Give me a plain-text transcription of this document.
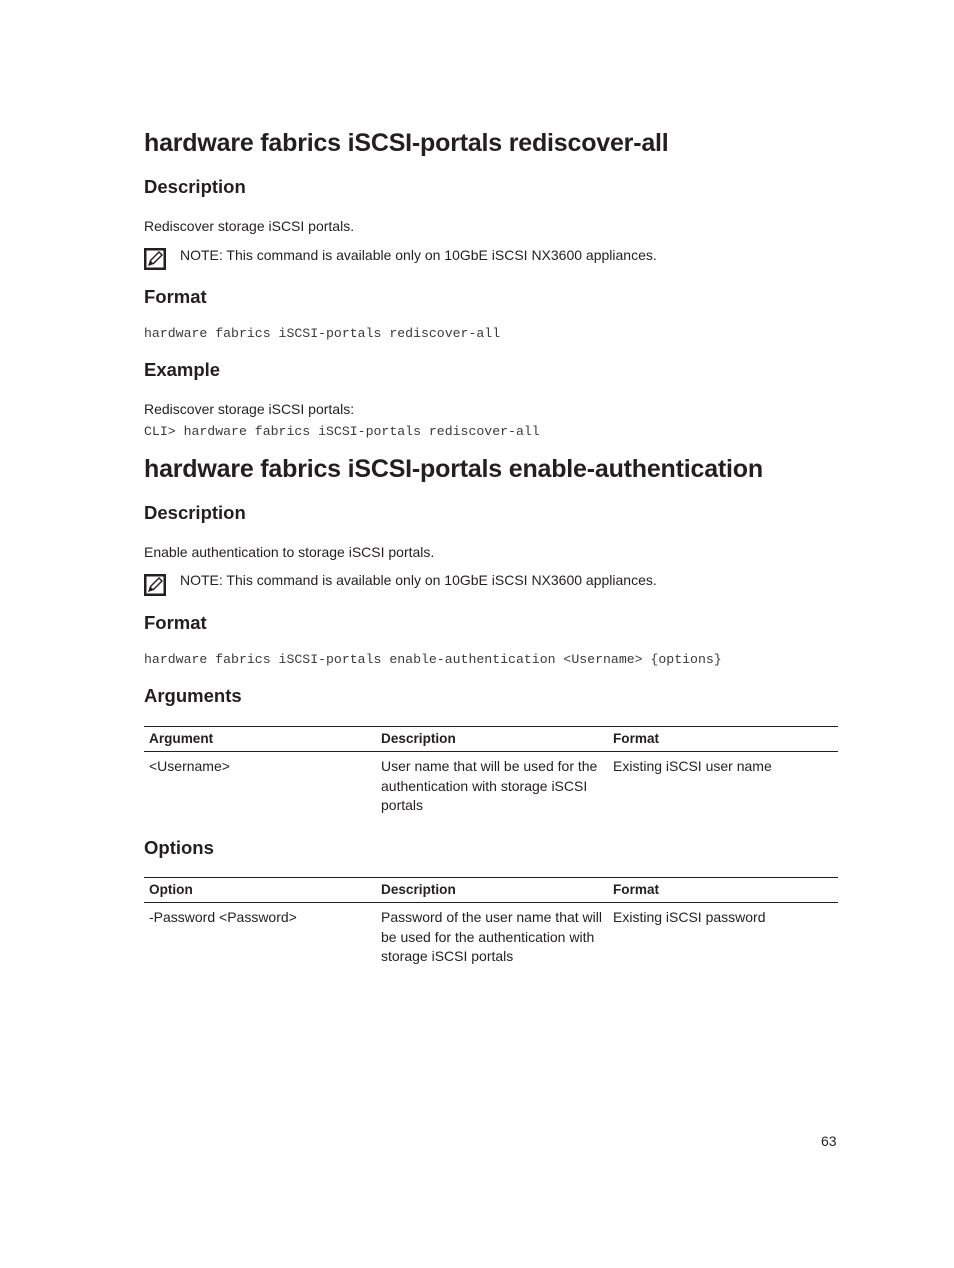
hardware fabrics iSCSI-portals rediscover-all
Description
Rediscover storage iSCSI portals.
NOTE: This command is available only on 10GbE iSCSI NX3600 appliances.
Format
hardware fabrics iSCSI-portals rediscover-all
Example
Rediscover storage iSCSI portals:
CLI> hardware fabrics iSCSI-portals rediscover-all
hardware fabrics iSCSI-portals enable-authentication
Description
Enable authentication to storage iSCSI portals.
NOTE: This command is available only on 10GbE iSCSI NX3600 appliances.
Format
hardware fabrics iSCSI-portals enable-authentication <Username> {options}
Arguments
Argument	Description	Format
<Username>	User name that will be used for the authentication with storage iSCSI portals	Existing iSCSI user name
Options
Option	Description	Format
-Password <Password>	Password of the user name that will be used for the authentication with storage iSCSI portals	Existing iSCSI password
63
